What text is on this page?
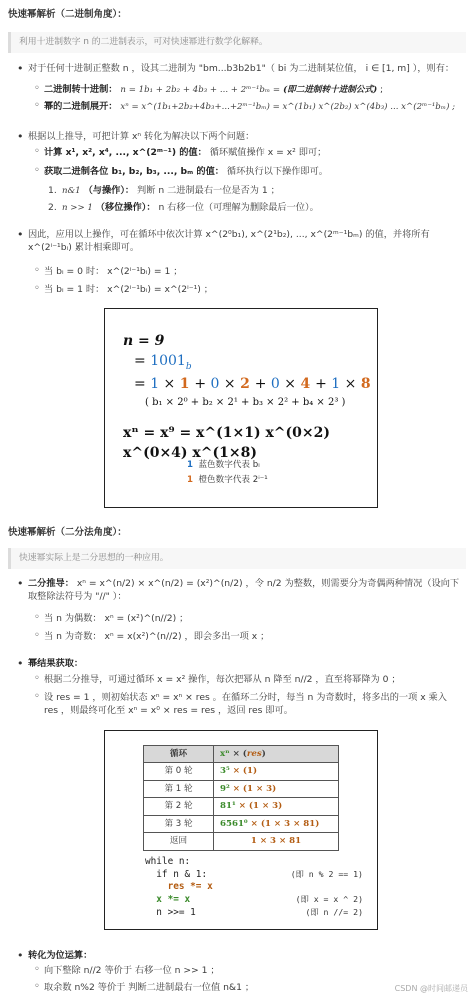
快速幂解析（二进制角度）：
利用十进制数字 n 的二进制表示，可对快速幂进行数学化解释。
• 对于任何十进制正整数 n ，设其二进制为 "bm...b3b2b1"（ bi 为二进制某位值， i ∈ [1, m] ），则有：
◦ 二进制转十进制： n = 1b₁ + 2b₂ + 4b₃ + ... + 2ᵐ⁻¹bₘ = (即二进制转十进制公式) ;
◦ 幂的二进制展开： xⁿ = x^(1b₁+2b₂+4b₃+...+2ᵐ⁻¹bₘ) = x^(1b₁) x^(2b₂) x^(4b₃) ... x^(2ᵐ⁻¹bₘ) ;
• 根据以上推导，可把计算 xⁿ 转化为解决以下两个问题：
◦ 计算 x¹, x², x⁴, ..., x^(2ᵐ⁻¹) 的值： 循环赋值操作 x = x² 即可；
◦ 获取二进制各位 b₁, b₂, b₃, ..., bₘ 的值： 循环执行以下操作即可。
1. n&1 （与操作）： 判断 n 二进制最右一位是否为 1 ；
2. n >> 1 （移位操作）： n 右移一位（可理解为删除最后一位）。
• 因此，应用以上操作，可在循环中依次计算 x^(2⁰b₁), x^(2¹b₂), ..., x^(2ᵐ⁻¹bₘ) 的值，并将所有 x^(2ⁱ⁻¹bᵢ) 累计相乘即可。
◦ 当 bᵢ = 0 时： x^(2ⁱ⁻¹bᵢ) = 1 ；
◦ 当 bᵢ = 1 时： x^(2ⁱ⁻¹bᵢ) = x^(2ⁱ⁻¹) ；
n = 9
= $1001_b$
= 1 × 1 + 0 × 2 + 0 × 4 + 1 × 8
( b₁ × 2⁰ + b₂ × 2¹ + b₃ × 2² + b₄ × 2³ )
xⁿ = x⁹ = x^(1×1) x^(0×2) x^(0×4) x^(1×8)
1 蓝色数字代表 bᵢ
1 橙色数字代表 2ⁱ⁻¹
快速幂解析（二分法角度）：
快速幂实际上是二分思想的一种应用。
• 二分推导： xⁿ = x^(n/2) × x^(n/2) = (x²)^(n/2) ，令 n/2 为整数，则需要分为奇偶两种情况（设向下取整除法符号为 "//" ）：
◦ 当 n 为偶数： xⁿ = (x²)^(n//2) ；
◦ 当 n 为奇数： xⁿ = x(x²)^(n//2) ，即会多出一项 x ；
• 幂结果获取：
◦ 根据二分推导，可通过循环 x = x² 操作，每次把幂从 n 降至 n//2 ，直至将幂降为 0 ；
◦ 设 res = 1 ，则初始状态 xⁿ = xⁿ × res 。在循环二分时，每当 n 为奇数时，将多出的一项 x 乘入 res ，则最终可化至 xⁿ = x⁰ × res = res ，返回 res 即可。
循环	xⁿ × (res)
第 0 轮	3⁵ × (1)
第 1 轮	9² × (1 × 3)
第 2 轮	81¹ × (1 × 3)
第 3 轮	6561⁰ × (1 × 3 × 81)
返回	1 × 3 × 81
while n:
if n & 1:	(即 n % 2 == 1)
res *= x
x *= x	(即 x = x ^ 2)
n >>= 1	(即 n //= 2)
• 转化为位运算：
◦ 向下整除 n//2 等价于 右移一位 n >> 1 ；
◦ 取余数 n%2 等价于 判断二进制最右一位值 n&1 ；	CSDN @时间邮递员
